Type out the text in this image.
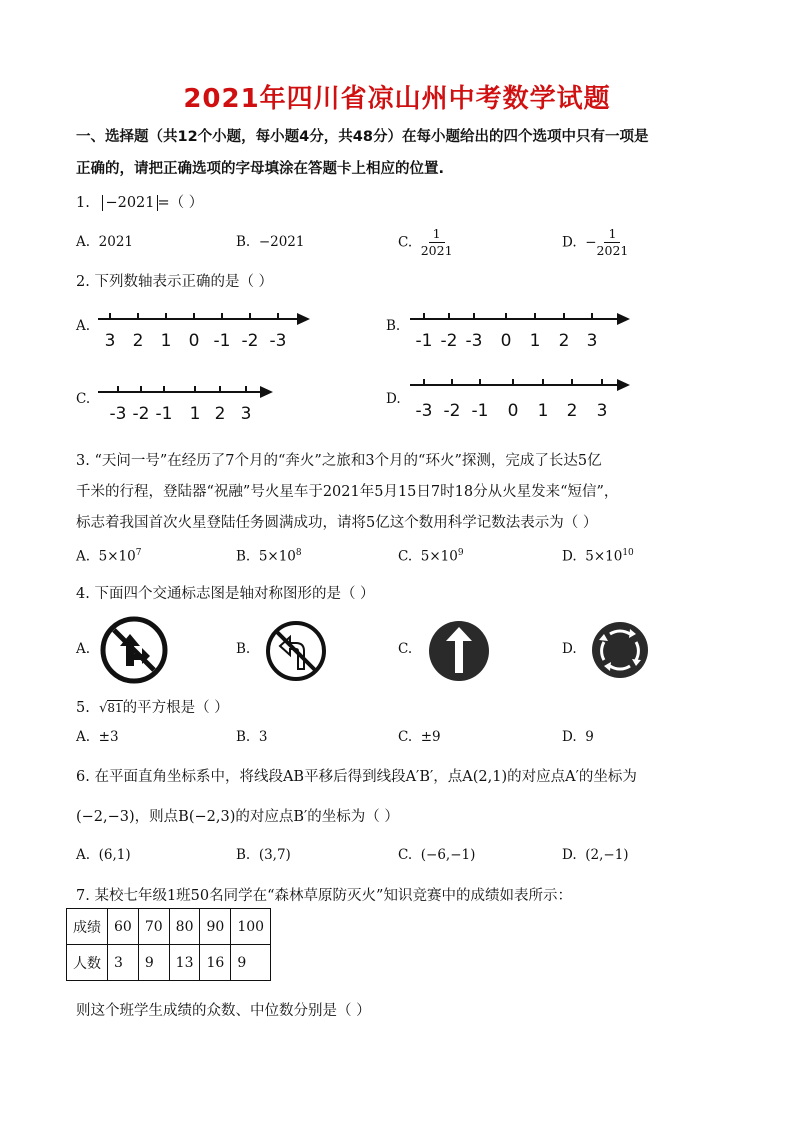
2021年四川省凉山州中考数学试题
一、选择题（共12个小题，每小题4分，共48分）在每小题给出的四个选项中只有一项是
正确的，请把正确选项的字母填涂在答题卡上相应的位置.
1. −2021 =（ ）
A. 2021	B. −2021	C. $\frac{1}{2021}$	D. − $\frac{1}{2021}$
2. 下列数轴表示正确的是（ ）
A.
3 2 1 0 -1 -2 -3
B.
-1 -2 -3 0 1 2 3
C.
-3 -2 -1 1 2 3
D.
-3 -2 -1 0 1 2 3
3. “天问一号”在经历了7个月的“奔火”之旅和3个月的“环火”探测，完成了长达5亿
千米的行程，登陆器“祝融”号火星车于2021年5月15日7时18分从火星发来“短信”，
标志着我国首次火星登陆任务圆满成功，请将5亿这个数用科学记数法表示为（ ）
A. $5\times 10^7$	B. $5\times 10^8$	C. $5\times 10^9$	D. $5\times 10^{10}$
4. 下面四个交通标志图是轴对称图形的是（ ）
A.	B.	C.	D.
5. √81的平方根是（ ）
A. ±3	B. 3	C. ±9	D. 9
6. 在平面直角坐标系中，将线段AB平移后得到线段A′B′，点A(2,1)的对应点A′的坐标为
(−2,−3)，则点B(−2,3)的对应点B′的坐标为（ ）
A. (6,1)	B. (3,7)	C. (−6,−1)	D. (2,−1)
7. 某校七年级1班50名同学在“森林草原防灭火”知识竞赛中的成绩如表所示：
成绩	60	70	80	90	100
人数	3	9	13	16	9
则这个班学生成绩的众数、中位数分别是（ ）
